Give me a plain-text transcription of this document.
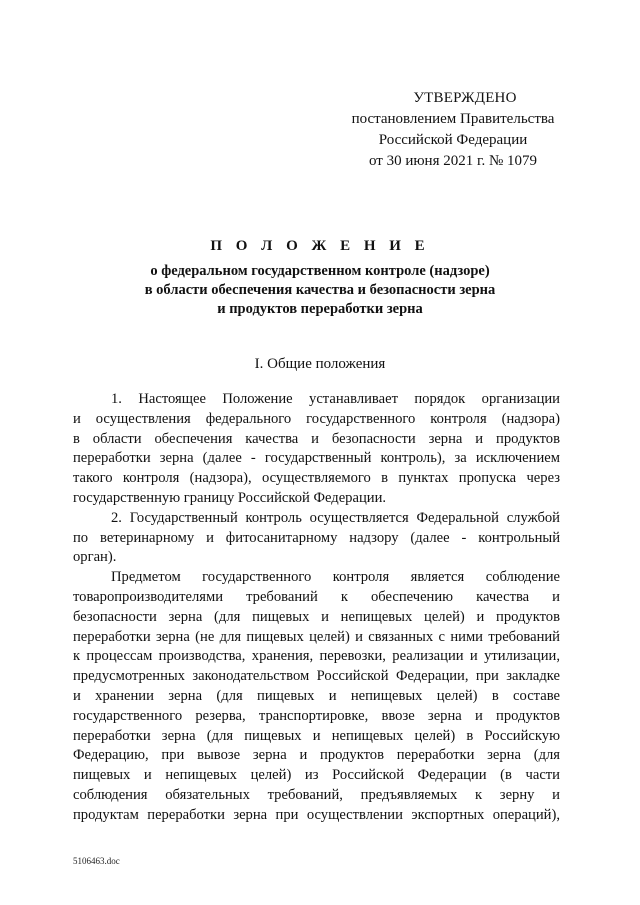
УТВЕРЖДЕНО
постановлением Правительства
Российской Федерации
от 30 июня 2021 г. № 1079
П О Л О Ж Е Н И Е
о федеральном государственном контроле (надзоре)
в области обеспечения качества и безопасности зерна
и продуктов переработки зерна
I. Общие положения
1. Настоящее Положение устанавливает порядок организации
и осуществления федерального государственного контроля (надзора)
в области обеспечения качества и безопасности зерна и продуктов
переработки зерна (далее - государственный контроль), за исключением
такого контроля (надзора), осуществляемого в пунктах пропуска через
государственную границу Российской Федерации.
2. Государственный контроль осуществляется Федеральной службой
по ветеринарному и фитосанитарному надзору (далее - контрольный
орган).
Предметом государственного контроля является соблюдение
товаропроизводителями требований к обеспечению качества и
безопасности зерна (для пищевых и непищевых целей) и продуктов
переработки зерна (не для пищевых целей) и связанных с ними требований
к процессам производства, хранения, перевозки, реализации и утилизации,
предусмотренных законодательством Российской Федерации, при закладке
и хранении зерна (для пищевых и непищевых целей) в составе
государственного резерва, транспортировке, ввозе зерна и продуктов
переработки зерна (для пищевых и непищевых целей) в Российскую
Федерацию, при вывозе зерна и продуктов переработки зерна (для
пищевых и непищевых целей) из Российской Федерации (в части
соблюдения обязательных требований, предъявляемых к зерну и
продуктам переработки зерна при осуществлении экспортных операций),
5106463.doc
